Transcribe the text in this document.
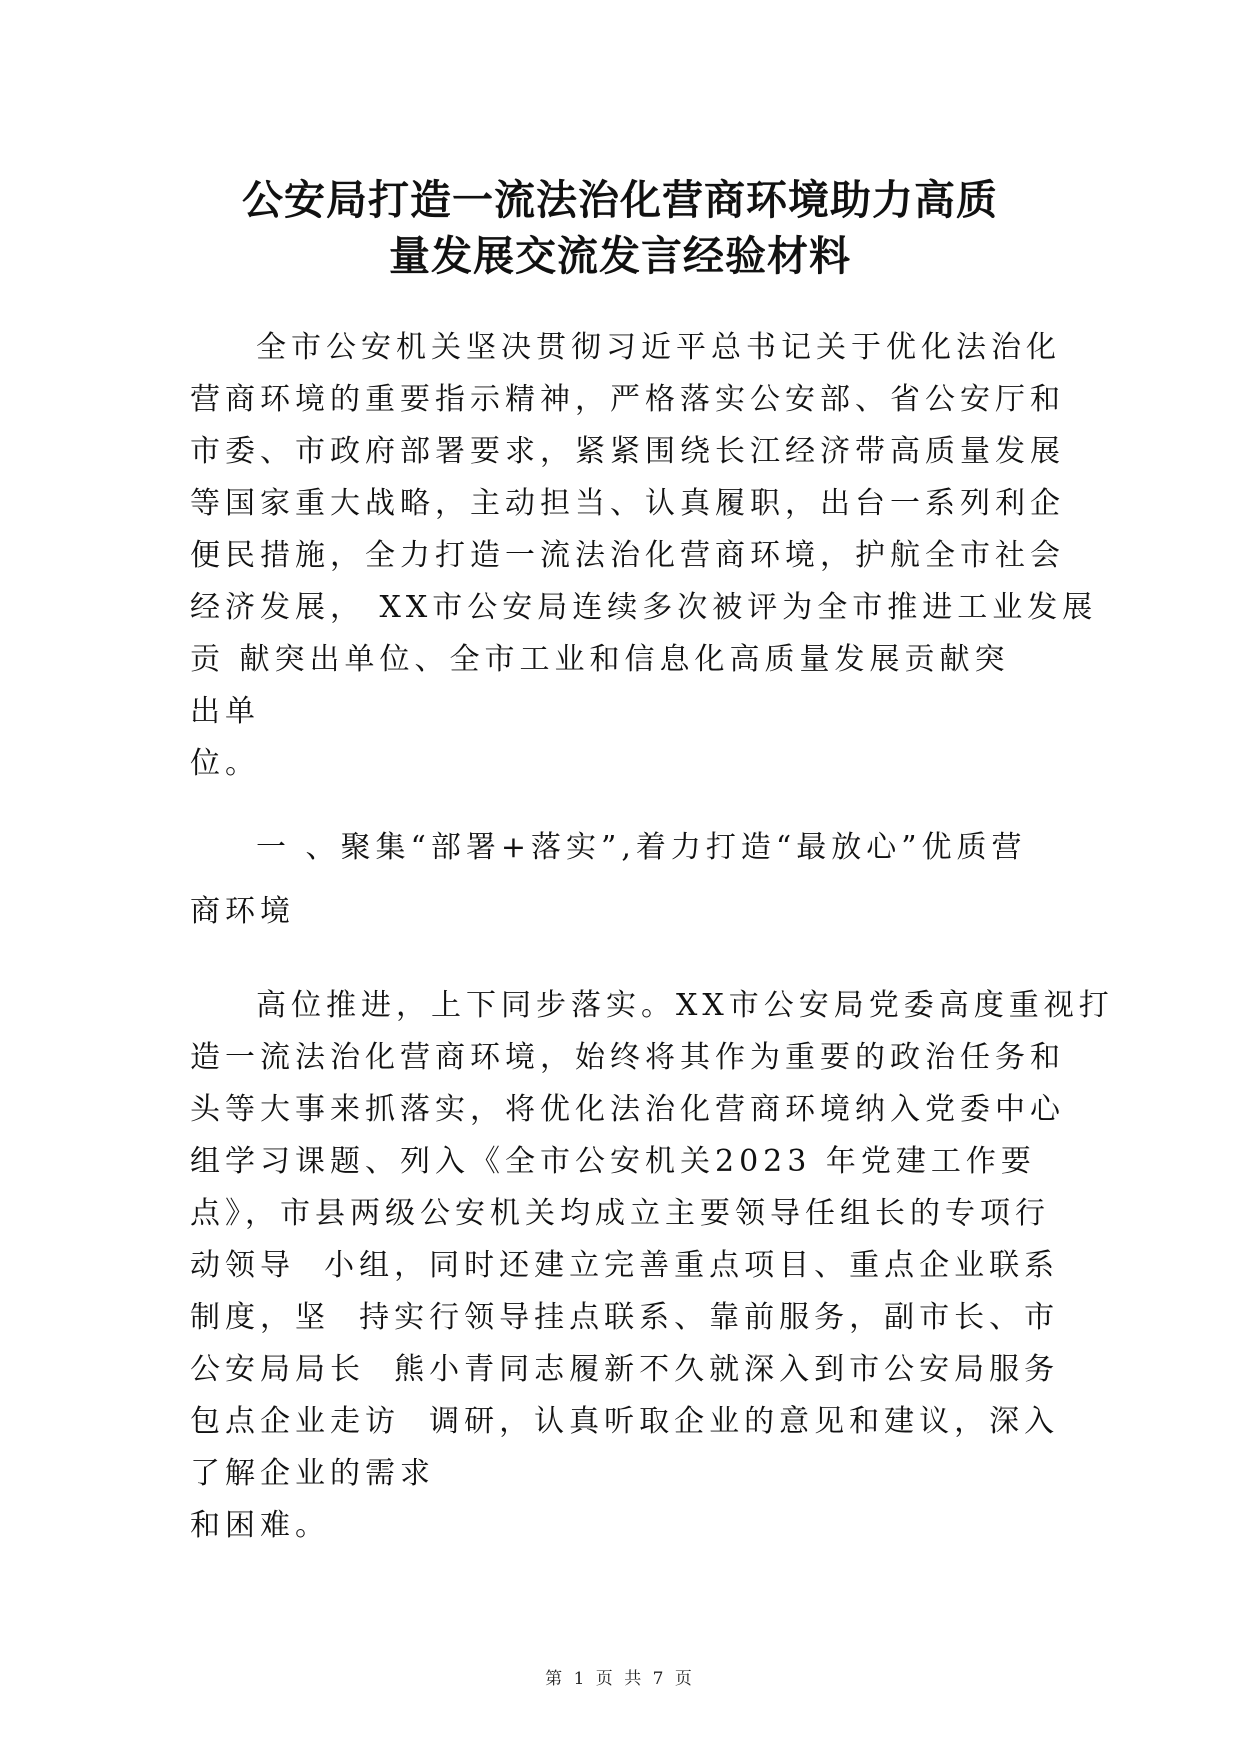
公安局打造一流法治化营商环境助力高质
量发展交流发言经验材料
全市公安机关坚决贯彻习近平总书记关于优化法治化
营商环境的重要指示精神，严格落实公安部、省公安厅和
市委、市政府部署要求，紧紧围绕长江经济带高质量发展
等国家重大战略，主动担当、认真履职，出台一系列利企
便民措施，全力打造一流法治化营商环境，护航全市社会
经济发展， XX市公安局连续多次被评为全市推进工业发展
贡 献突出单位、全市工业和信息化高质量发展贡献突
出单
位。
一 、聚集“部署+落实”,着力打造“最放心”优质营
商环境
高位推进，上下同步落实。XX市公安局党委高度重视打
造一流法治化营商环境，始终将其作为重要的政治任务和
头等大事来抓落实，将优化法治化营商环境纳入党委中心
组学习课题、列入《全市公安机关2023 年党建工作要
点》，市县两级公安机关均成立主要领导任组长的专项行
动领导  小组，同时还建立完善重点项目、重点企业联系
制度，坚  持实行领导挂点联系、靠前服务，副市长、市
公安局局长  熊小青同志履新不久就深入到市公安局服务
包点企业走访  调研，认真听取企业的意见和建议，深入
了解企业的需求
和困难。
第 1 页 共 7 页
